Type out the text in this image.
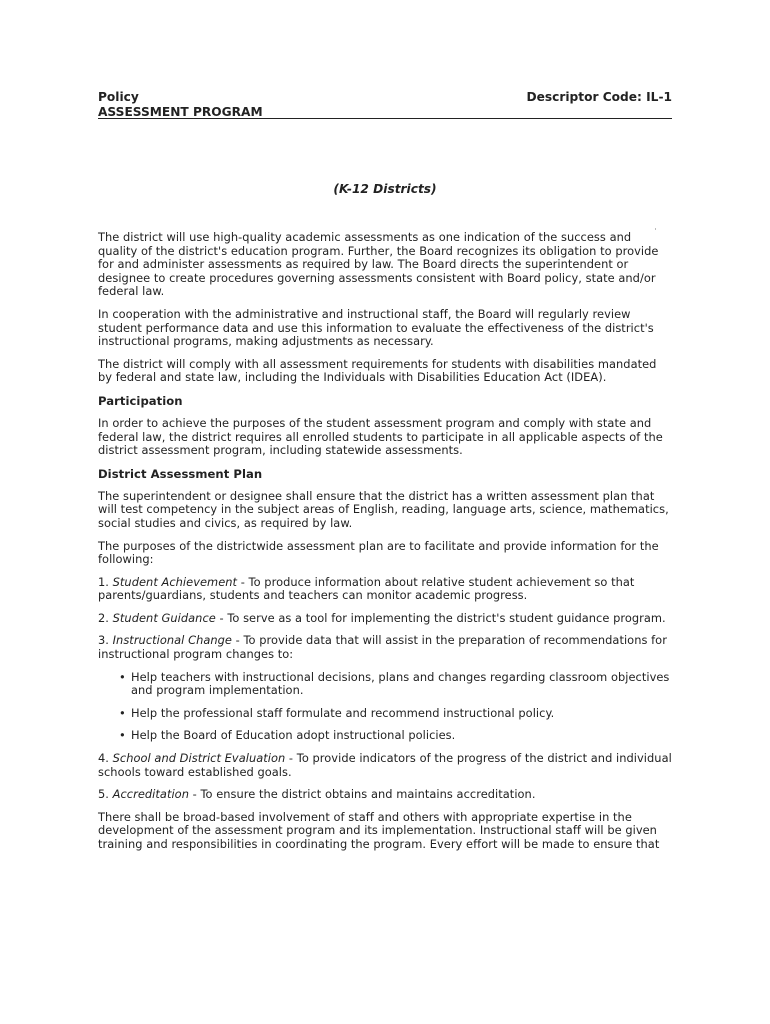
Policy
ASSESSMENT PROGRAM
Descriptor Code: IL-1

(K-12 Districts)

The district will use high-quality academic assessments as one indication of the success and quality of the district's education program. Further, the Board recognizes its obligation to provide for and administer assessments as required by law. The Board directs the superintendent or designee to create procedures governing assessments consistent with Board policy, state and/or federal law.

In cooperation with the administrative and instructional staff, the Board will regularly review student performance data and use this information to evaluate the effectiveness of the district's instructional programs, making adjustments as necessary.

The district will comply with all assessment requirements for students with disabilities mandated by federal and state law, including the Individuals with Disabilities Education Act (IDEA).

Participation

In order to achieve the purposes of the student assessment program and comply with state and federal law, the district requires all enrolled students to participate in all applicable aspects of the district assessment program, including statewide assessments.

District Assessment Plan

The superintendent or designee shall ensure that the district has a written assessment plan that will test competency in the subject areas of English, reading, language arts, science, mathematics, social studies and civics, as required by law.

The purposes of the districtwide assessment plan are to facilitate and provide information for the following:

1. Student Achievement - To produce information about relative student achievement so that parents/guardians, students and teachers can monitor academic progress.

2. Student Guidance - To serve as a tool for implementing the district's student guidance program.

3. Instructional Change - To provide data that will assist in the preparation of recommendations for instructional program changes to:

• Help teachers with instructional decisions, plans and changes regarding classroom objectives and program implementation.
• Help the professional staff formulate and recommend instructional policy.
• Help the Board of Education adopt instructional policies.

4. School and District Evaluation - To provide indicators of the progress of the district and individual schools toward established goals.

5. Accreditation - To ensure the district obtains and maintains accreditation.

There shall be broad-based involvement of staff and others with appropriate expertise in the development of the assessment program and its implementation. Instructional staff will be given training and responsibilities in coordinating the program. Every effort will be made to ensure that
